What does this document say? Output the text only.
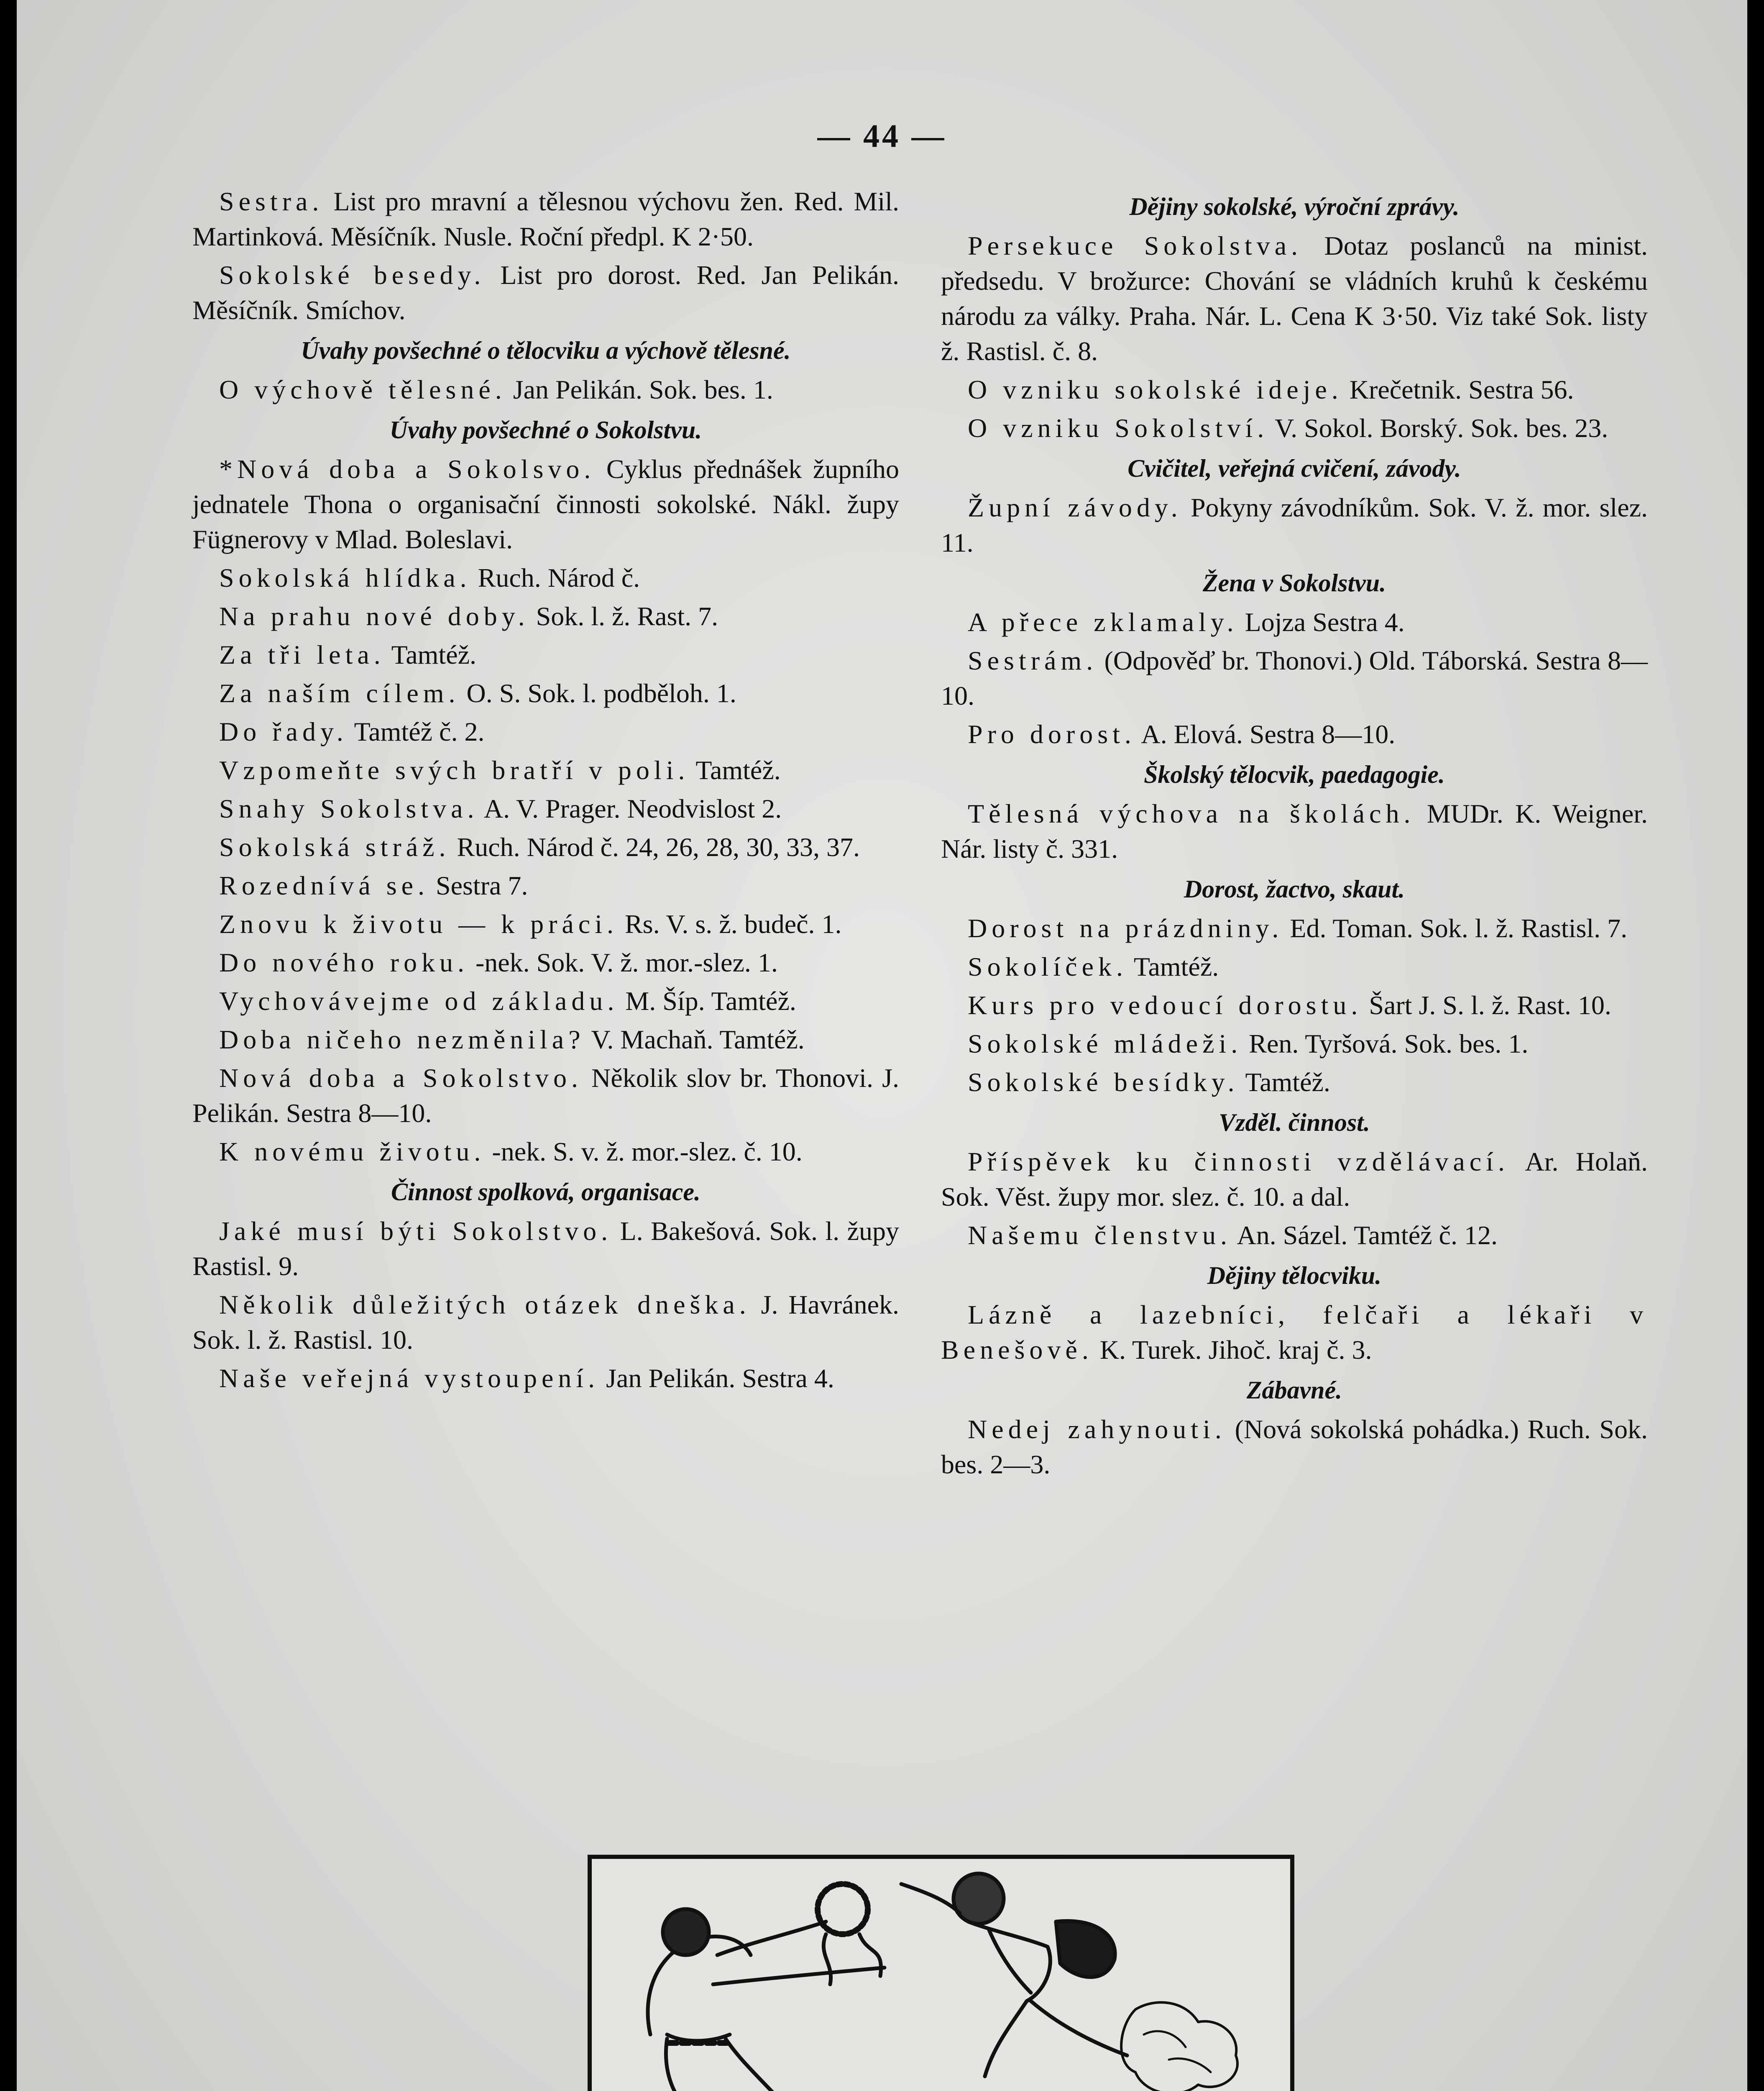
— 44 —

Sestra. List pro mravní a tělesnou výchovu žen. Red. Mil. Martinková. Měsíčník. Nusle. Roční předpl. K 2·50.

Sokolské besedy. List pro dorost. Red. Jan Pelikán. Měsíčník. Smíchov.

Úvahy povšechné o tělocviku a výchově tělesné.

O výchově tělesné. Jan Pelikán. Sok. bes. 1.

Úvahy povšechné o Sokolstvu.

*Nová doba a Sokolsvo. Cyklus přednášek župního jednatele Thona o organisační činnosti sokolské. Nákl. župy Fügnerovy v Mlad. Boleslavi.

Sokolská hlídka. Ruch. Národ č.

Na prahu nové doby. Sok. l. ž. Rast. 7.

Za tři leta. Tamtéž.

Za naším cílem. O. S. Sok. l. podběloh. 1.

Do řady. Tamtéž č. 2.

Vzpomeňte svých bratří v poli. Tamtéž.

Snahy Sokolstva. A. V. Prager. Neodvislost 2.

Sokolská stráž. Ruch. Národ č. 24, 26, 28, 30, 33, 37.

Rozednívá se. Sestra 7.

Znovu k životu — k práci. Rs. V. s. ž. budeč. 1.

Do nového roku. -nek. Sok. V. ž. mor.-slez. 1.

Vychovávejme od základu. M. Šíp. Tamtéž.

Doba ničeho nezměnila? V. Machaň. Tamtéž.

Nová doba a Sokolstvo. Několik slov br. Thonovi. J. Pelikán. Sestra 8—10.

K novému životu. -nek. S. v. ž. mor.-slez. č. 10.

Činnost spolková, organisace.

Jaké musí býti Sokolstvo. L. Bakešová. Sok. l. župy Rastisl. 9.

Několik důležitých otázek dneška. J. Havránek. Sok. l. ž. Rastisl. 10.

Naše veřejná vystoupení. Jan Pelikán. Sestra 4.

Dějiny sokolské, výroční zprávy.

Persekuce Sokolstva. Dotaz poslanců na minist. předsedu. V brožurce: Chování se vládních kruhů k českému národu za války. Praha. Nár. L. Cena K 3·50. Viz také Sok. listy ž. Rastisl. č. 8.

O vzniku sokolské ideje. Krečetnik. Sestra 56.

O vzniku Sokolství. V. Sokol. Borský. Sok. bes. 23.

Cvičitel, veřejná cvičení, závody.

Župní závody. Pokyny závodníkům. Sok. V. ž. mor. slez. 11.

Žena v Sokolstvu.

A přece zklamaly. Lojza Sestra 4.

Sestrám. (Odpověď br. Thonovi.) Old. Táborská. Sestra 8—10.

Pro dorost. A. Elová. Sestra 8—10.

Školský tělocvik, paedagogie.

Tělesná výchova na školách. MUDr. K. Weigner. Nár. listy č. 331.

Dorost, žactvo, skaut.

Dorost na prázdniny. Ed. Toman. Sok. l. ž. Rastisl. 7.

Sokolíček. Tamtéž.

Kurs pro vedoucí dorostu. Šart J. S. l. ž. Rast. 10.

Sokolské mládeži. Ren. Tyršová. Sok. bes. 1.

Sokolské besídky. Tamtéž.

Vzděl. činnost.

Příspěvek ku činnosti vzdělávací. Ar. Holaň. Sok. Věst. župy mor. slez. č. 10. a dal.

Našemu členstvu. An. Sázel. Tamtéž č. 12.

Dějiny tělocviku.

Lázně a lazebníci, felčaři a lékaři v Benešově. K. Turek. Jihoč. kraj č. 3.

Zábavné.

Nedej zahynouti. (Nová sokolská pohádka.) Ruch. Sok. bes. 2—3.
